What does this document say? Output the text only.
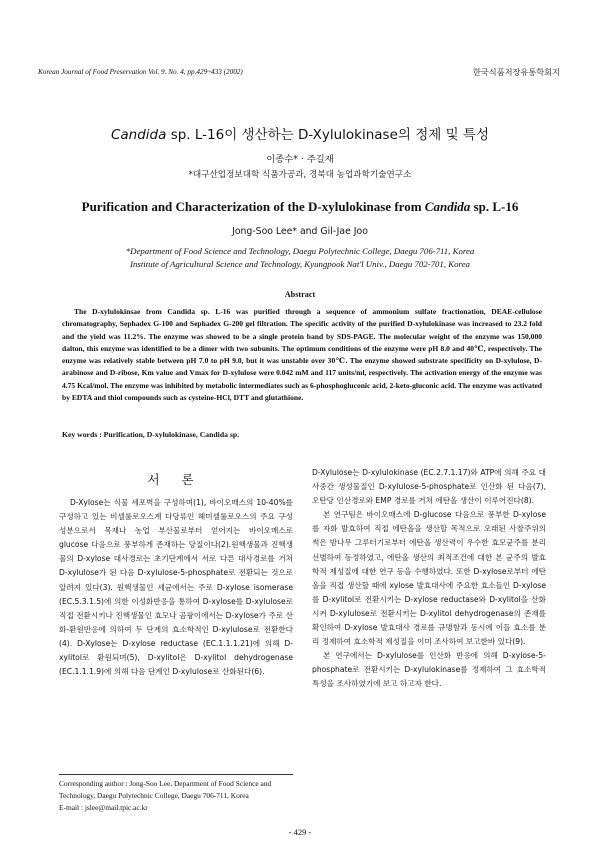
Korean Journal of Food Preservation Vol. 9. No. 4, pp.429~433 (2002)	한국식품저장유통학회지
Candida sp. L-16이 생산하는 D-Xylulokinase의 정제 및 특성
이종수* · 주길재
*대구산업정보대학 식품가공과, 경북대 농업과학기술연구소
Purification and Characterization of the D-xylulokinase from Candida sp. L-16
Jong-Soo Lee* and Gil-Jae Joo
*Department of Food Science and Technology, Daegu Polytechnic College, Daegu 706-711, Korea
Institute of Agricultural Science and Technology, Kyungpook Nat'l Univ., Daegu 702-701, Korea
Abstract
The D-xylulokinsae from Candida sp. L-16 was purified through a sequence of ammonium sulfate fractionation, DEAE-cellulose chromatography, Sephadex G-100 and Sephadex G-200 gel filtration. The specific activity of the purified D-xylulokinase was increased to 23.2 fold and the yield was 11.2%. The enzyme was showed to be a single protein band by SDS-PAGE. The molecular weight of the enzyme was 150,000 dalton, this enzyme was identified to be a dimer with two subunits. The optimum conditions of the enzyme were pH 8.0 and 40℃, respectively. The enzyme was relatively stable between pH 7.0 to pH 9.0, but it was unstable over 30℃. The enzyme showed substrate specificity on D-xylulose, D-arabinose and D-ribose, Km value and Vmax for D-xylulose were 0.042 mM and 117 units/ml, respectively. The activation energy of the enzyme was 4.75 Kcal/mol. The enzyme was inhibited by metabolic intermediates such as 6-phosphogluconic acid, 2-keto-gluconic acid. The enzyme was activated by EDTA and thiol compounds such as cysteine-HCl, DTT and glutathione.
Key words : Purification, D-xylulokinase, Candida sp.
서 론

D-Xylose는 식물 세포벽을 구성하며(1), 바이오매스의 10-40%를 구성하고 있는 비셀룰로오스계 다당류인 헤미셀룰로오스의 주요 구성성분으로서 목재나 농업 부산물로부터 얻어지는 바이오매스로 glucose 다음으로 풍부하게 존재하는 당질이다(2).원핵생물과 진핵생물의 D-xylose 대사경로는 초기단계에서 서로 다른 대사경로를 거쳐 D-xylulose가 된 다음 D-xylulose-5-phosphate로 전환되는 것으로 알려져 있다(3). 원핵생물인 세균에서는 주로 D-xylose isomerase (EC.5.3.1.5)에 의한 이성화반응을 통하여 D-xylose를 D-xylulose로 직접 전환시키나 진핵생물인 효모나 곰팡이에서는 D-xylose가 주로 산화-환원반응에 의하여 두 단계의 효소학적인 D-xylulose로 전환한다(4). D-Xylose는 D-xylose reductase (EC.1.1.1.21)에 의해 D-xylitol로 환원되며(5), D-xylitol은 D-xylitol dehydrogenase (EC.1.1.1.9)에 의해 다음 단계인 D-xylulose로 산화된다(6).

D-Xylulose는 D-xylulokinase (EC.2.7.1.17)와 ATP에 의해 주요 대사중간 생성물질인 D-xylulose-5-phosphate로 인산화 된 다음(7), 오탄당 인산경로와 EMP 경로를 거쳐 에탄올 생산이 이루어진다(8).

본 연구팀은 바이오매스에 D-glucose 다음으로 풍부한 D-xylose를 자화 발효하여 직접 에탄올을 생산할 목적으로 오래된 사찰주위의 썩은 밤나무 그루터기로부터 에탄올 생산력이 우수한 효모균주를 분리 선별하여 동정하였고, 에탄올 생산의 최적조건에 대한 본 균주의 발효학적 제성질에 대한 연구 등을 수행하였다. 또한 D-xylose로부터 에탄올을 직접 생산할 때에 xylose 발효대사에 주요한 효소들인 D-xylose를 D-xylitol로 전환시키는 D-xylose reductase와 D-xylitol을 산화시켜 D-xylulose로 전환시키는 D-xylitol dehydrogenase의 존재를 확인하여 D-xylose 발효대사 경로를 규명함과 동시에 이들 효소를 분리 정제하여 효소학적 제성질을 이미 조사하여 보고한바 있다(9).

본 연구에서는 D-xylulose를 인산화 반응에 의해 D-xylose-5-phosphate로 전환시키는 D-xylulokinase를 정제하여 그 효소학적 특성을 조사하였기에 보고 하고자 한다.

Corresponding author : Jong-Soo Lee, Department of Food Science and Technology, Daegu Polytechnic College, Daegu 706-711, Korea
E-mail : jslee@mail.tpic.ac.kr
- 429 -
